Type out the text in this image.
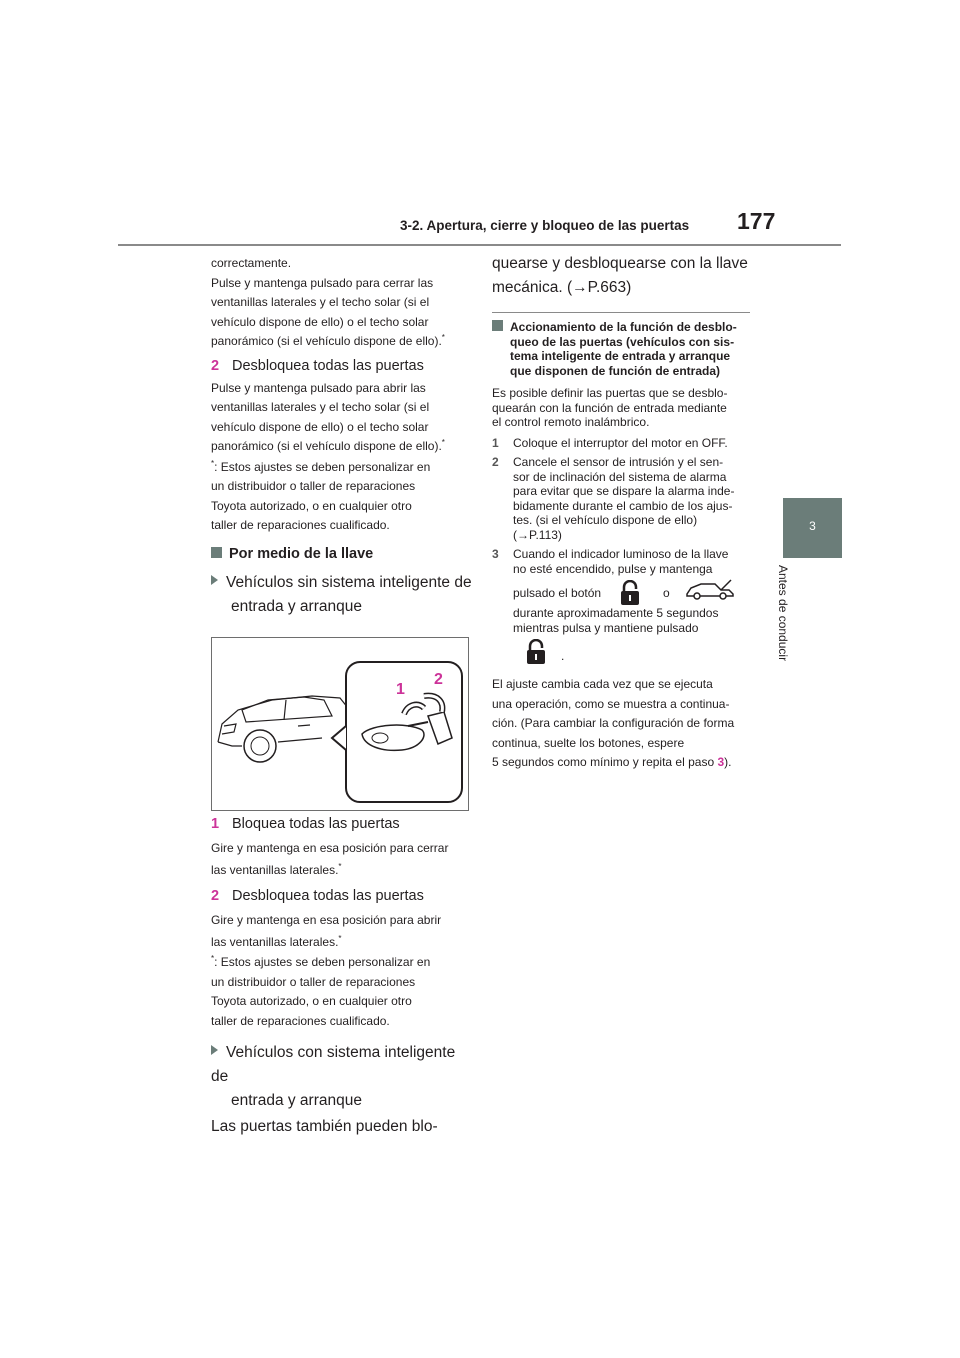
3-2. Apertura, cierre y bloqueo de las puertas 177
3
Antes de conducir

correctamente.

Pulse y mantenga pulsado para cerrar las

ventanillas laterales y el techo solar (si el

vehículo dispone de ello) o el techo solar

panorámico (si el vehículo dispone de ello).*

2 Desbloquea todas las puertas

Pulse y mantenga pulsado para abrir las

ventanillas laterales y el techo solar (si el

vehículo dispone de ello) o el techo solar

panorámico (si el vehículo dispone de ello).*

*: Estos ajustes se deben personalizar en

un distribuidor o taller de reparaciones

Toyota autorizado, o en cualquier otro

taller de reparaciones cualificado.

Por medio de la llave

Vehículos sin sistema inteligente de

entrada y arranque

1
2

1 Bloquea todas las puertas

Gire y mantenga en esa posición para cerrar

las ventanillas laterales.*

2 Desbloquea todas las puertas

Gire y mantenga en esa posición para abrir

las ventanillas laterales.*

*: Estos ajustes se deben personalizar en

un distribuidor o taller de reparaciones

Toyota autorizado, o en cualquier otro

taller de reparaciones cualificado.

Vehículos con sistema inteligente de

entrada y arranque

Las puertas también pueden blo-

quearse y desbloquearse con la llave

mecánica. (→P.663)

Accionamiento de la función de desblo-

queo de las puertas (vehículos con sis-

tema inteligente de entrada y arranque

que disponen de función de entrada)

Es posible definir las puertas que se desblo-

quearán con la función de entrada mediante

el control remoto inalámbrico.

1 Coloque el interruptor del motor en OFF.

2	Cancele el sensor de intrusión y el sen-

sor de inclinación del sistema de alarma

para evitar que se dispare la alarma inde-

bidamente durante el cambio de los ajus-

tes. (si el vehículo dispone de ello)

(→P.113)

3	Cuando el indicador luminoso de la llave

no esté encendido, pulse y mantenga

pulsado el botón	o

durante aproximadamente 5 segundos

mientras pulsa y mantiene pulsado

.

El ajuste cambia cada vez que se ejecuta

una operación, como se muestra a continua-

ción. (Para cambiar la configuración de forma

continua, suelte los botones, espere

5 segundos como mínimo y repita el paso 3).
